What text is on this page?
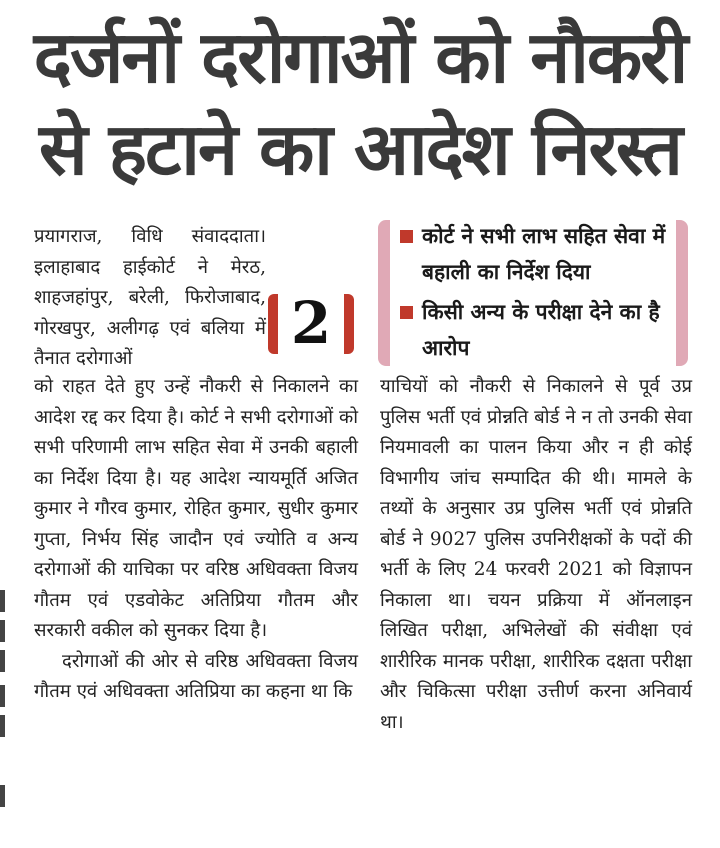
दर्जनों दरोगाओं को नौकरी
से हटाने का आदेश निरस्त

प्रयागराज, विधि संवाददाता। इलाहाबाद हाईकोर्ट ने मेरठ, शाहजहांपुर, बरेली, फिरोजाबाद, गोरखपुर, अलीगढ़ एवं बलिया में तैनात दरोगाओं

2
कोर्ट ने सभी लाभ सहित सेवा में बहाली का निर्देश दिया
किसी अन्य के परीक्षा देने का है आरोप

को राहत देते हुए उन्हें नौकरी से निकालने का आदेश रद्द कर दिया है। कोर्ट ने सभी दरोगाओं को सभी परिणामी लाभ सहित सेवा में उनकी बहाली का निर्देश दिया है। यह आदेश न्यायमूर्ति अजित कुमार ने गौरव कुमार, रोहित कुमार, सुधीर कुमार गुप्ता, निर्भय सिंह जादौन एवं ज्योति व अन्य दरोगाओं की याचिका पर वरिष्ठ अधिवक्ता विजय गौतम एवं एडवोकेट अतिप्रिया गौतम और सरकारी वकील को सुनकर दिया है।

दरोगाओं की ओर से वरिष्ठ अधिवक्ता विजय गौतम एवं अधिवक्ता अतिप्रिया का कहना था कि

याचियों को नौकरी से निकालने से पूर्व उप्र पुलिस भर्ती एवं प्रोन्नति बोर्ड ने न तो उनकी सेवा नियमावली का पालन किया और न ही कोई विभागीय जांच सम्पादित की थी। मामले के तथ्यों के अनुसार उप्र पुलिस भर्ती एवं प्रोन्नति बोर्ड ने 9027 पुलिस उपनिरीक्षकों के पदों की भर्ती के लिए 24 फरवरी 2021 को विज्ञापन निकाला था। चयन प्रक्रिया में ऑनलाइन लिखित परीक्षा, अभिलेखों की संवीक्षा एवं शारीरिक मानक परीक्षा, शारीरिक दक्षता परीक्षा और चिकित्सा परीक्षा उत्तीर्ण करना अनिवार्य था।
